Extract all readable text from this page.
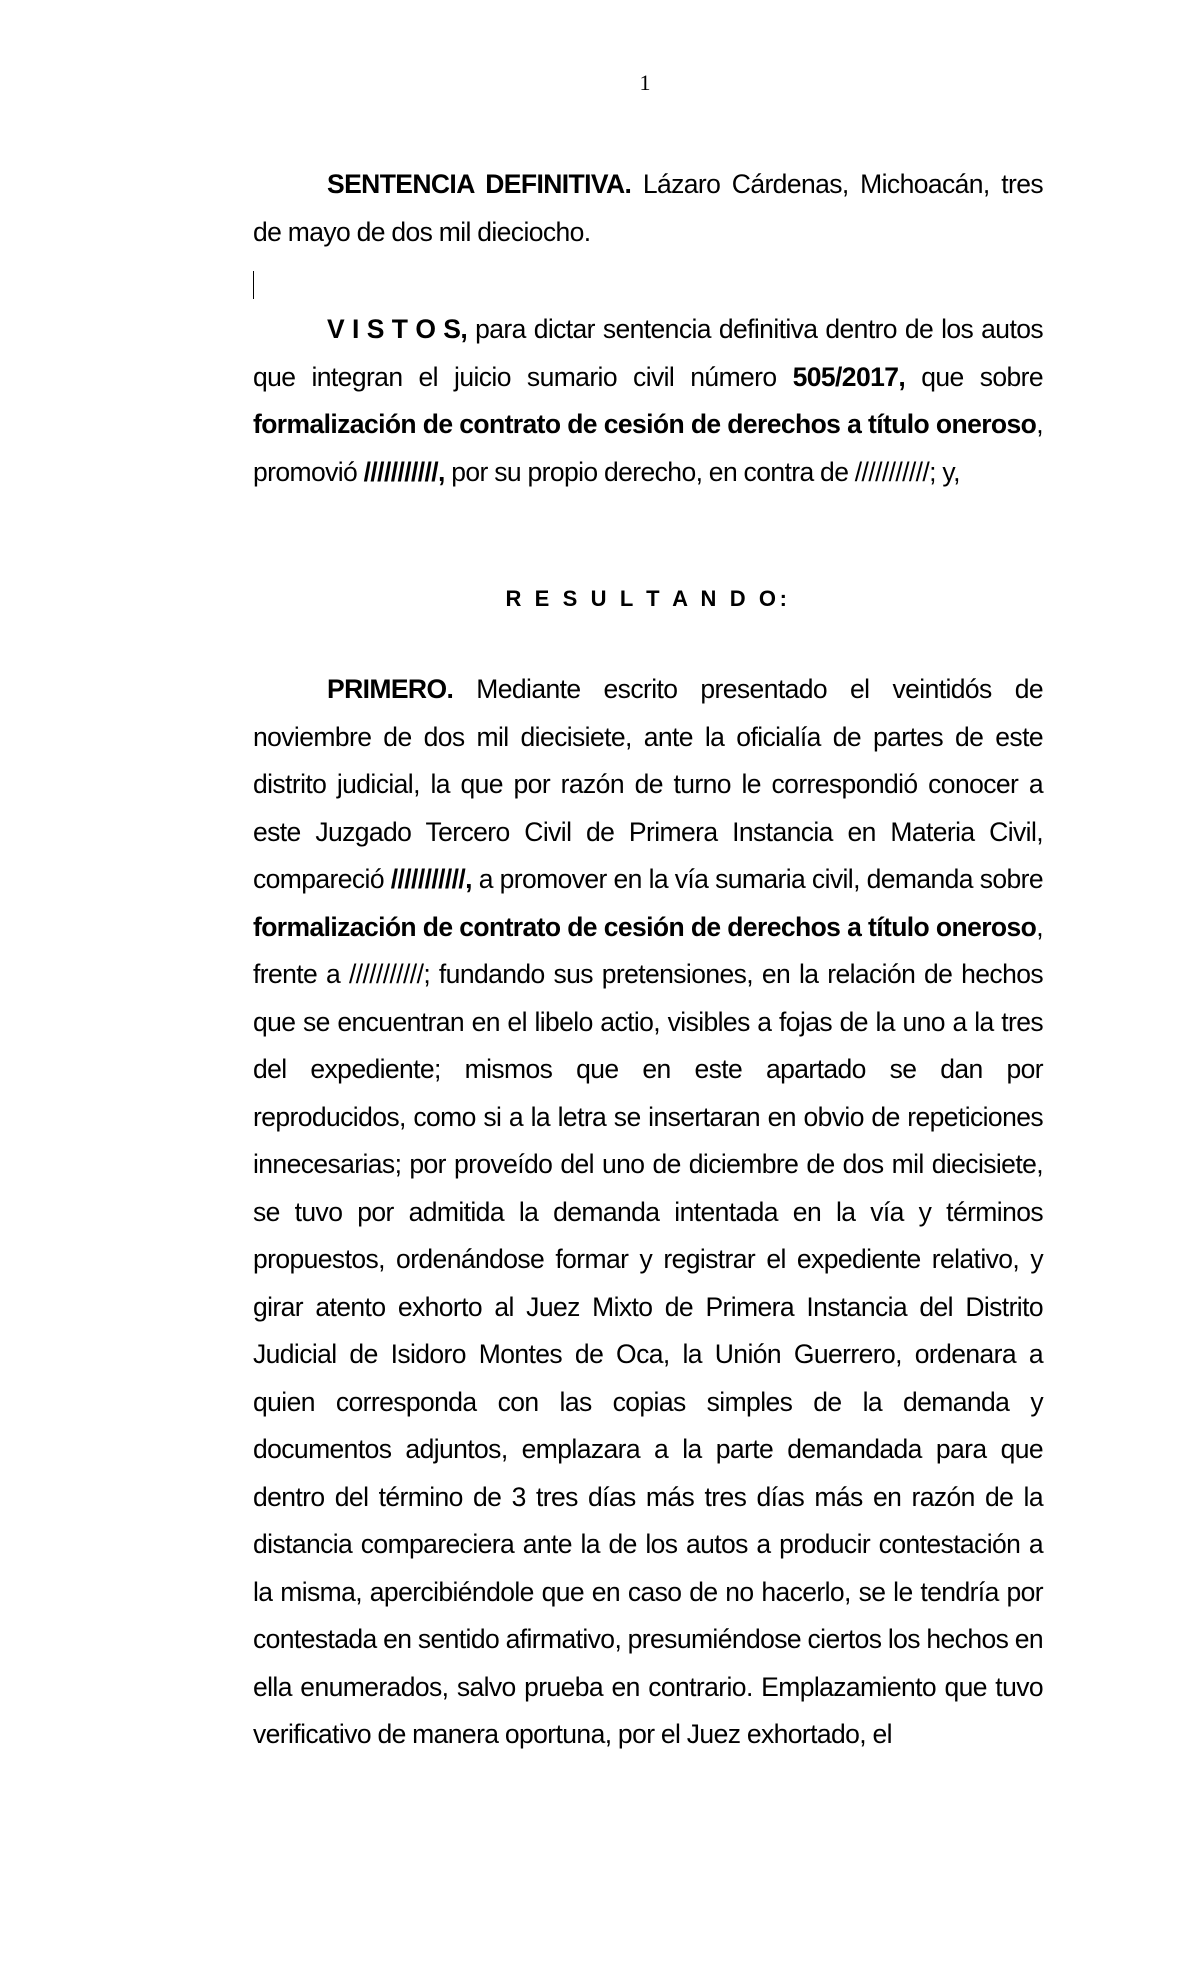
1

SENTENCIA DEFINITIVA. Lázaro Cárdenas, Michoacán, tres de mayo de dos mil dieciocho.

V I S T O S, para dictar sentencia definitiva dentro de los autos que integran el juicio sumario civil número 505/2017, que sobre formalización de contrato de cesión de derechos a título oneroso, promovió ///////////, por su propio derecho, en contra de ///////////; y,

R E S U L T A N D O:

PRIMERO. Mediante escrito presentado el veintidós de noviembre de dos mil diecisiete, ante la oficialía de partes de este distrito judicial, la que por razón de turno le correspondió conocer a este Juzgado Tercero Civil de Primera Instancia en Materia Civil, compareció ///////////, a promover en la vía sumaria civil, demanda sobre formalización de contrato de cesión de derechos a título oneroso, frente a ///////////; fundando sus pretensiones, en la relación de hechos que se encuentran en el libelo actio, visibles a fojas de la uno a la tres del expediente; mismos que en este apartado se dan por reproducidos, como si a la letra se insertaran en obvio de repeticiones innecesarias; por proveído del uno de diciembre de dos mil diecisiete, se tuvo por admitida la demanda intentada en la vía y términos propuestos, ordenándose formar y registrar el expediente relativo, y girar atento exhorto al Juez Mixto de Primera Instancia del Distrito Judicial de Isidoro Montes de Oca, la Unión Guerrero, ordenara a quien corresponda con las copias simples de la demanda y documentos adjuntos, emplazara a la parte demandada para que dentro del término de 3 tres días más tres días más en razón de la distancia compareciera ante la de los autos a producir contestación a la misma, apercibiéndole que en caso de no hacerlo, se le tendría por contestada en sentido afirmativo, presumiéndose ciertos los hechos en ella enumerados, salvo prueba en contrario. Emplazamiento que tuvo verificativo de manera oportuna, por el Juez exhortado, el
